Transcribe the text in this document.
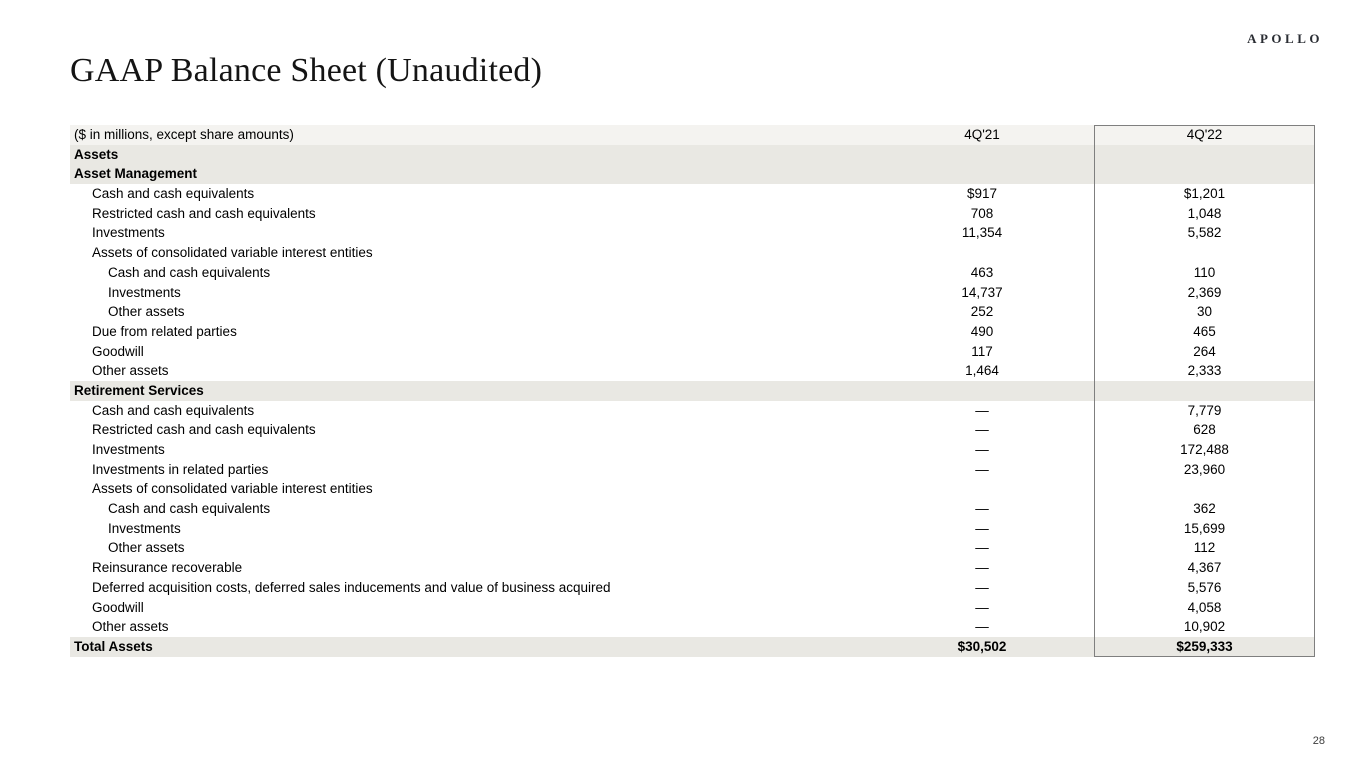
APOLLO
GAAP Balance Sheet (Unaudited)
($ in millions, except share amounts)	4Q'21	4Q'22
Assets
Asset Management
Cash and cash equivalents	$917	$1,201
Restricted cash and cash equivalents	708	1,048
Investments	11,354	5,582
Assets of consolidated variable interest entities
Cash and cash equivalents	463	110
Investments	14,737	2,369
Other assets	252	30
Due from related parties	490	465
Goodwill	117	264
Other assets	1,464	2,333
Retirement Services
Cash and cash equivalents	—	7,779
Restricted cash and cash equivalents	—	628
Investments	—	172,488
Investments in related parties	—	23,960
Assets of consolidated variable interest entities
Cash and cash equivalents	—	362
Investments	—	15,699
Other assets	—	112
Reinsurance recoverable	—	4,367
Deferred acquisition costs, deferred sales inducements and value of business acquired	—	5,576
Goodwill	—	4,058
Other assets	—	10,902
Total Assets	$30,502	$259,333
28
